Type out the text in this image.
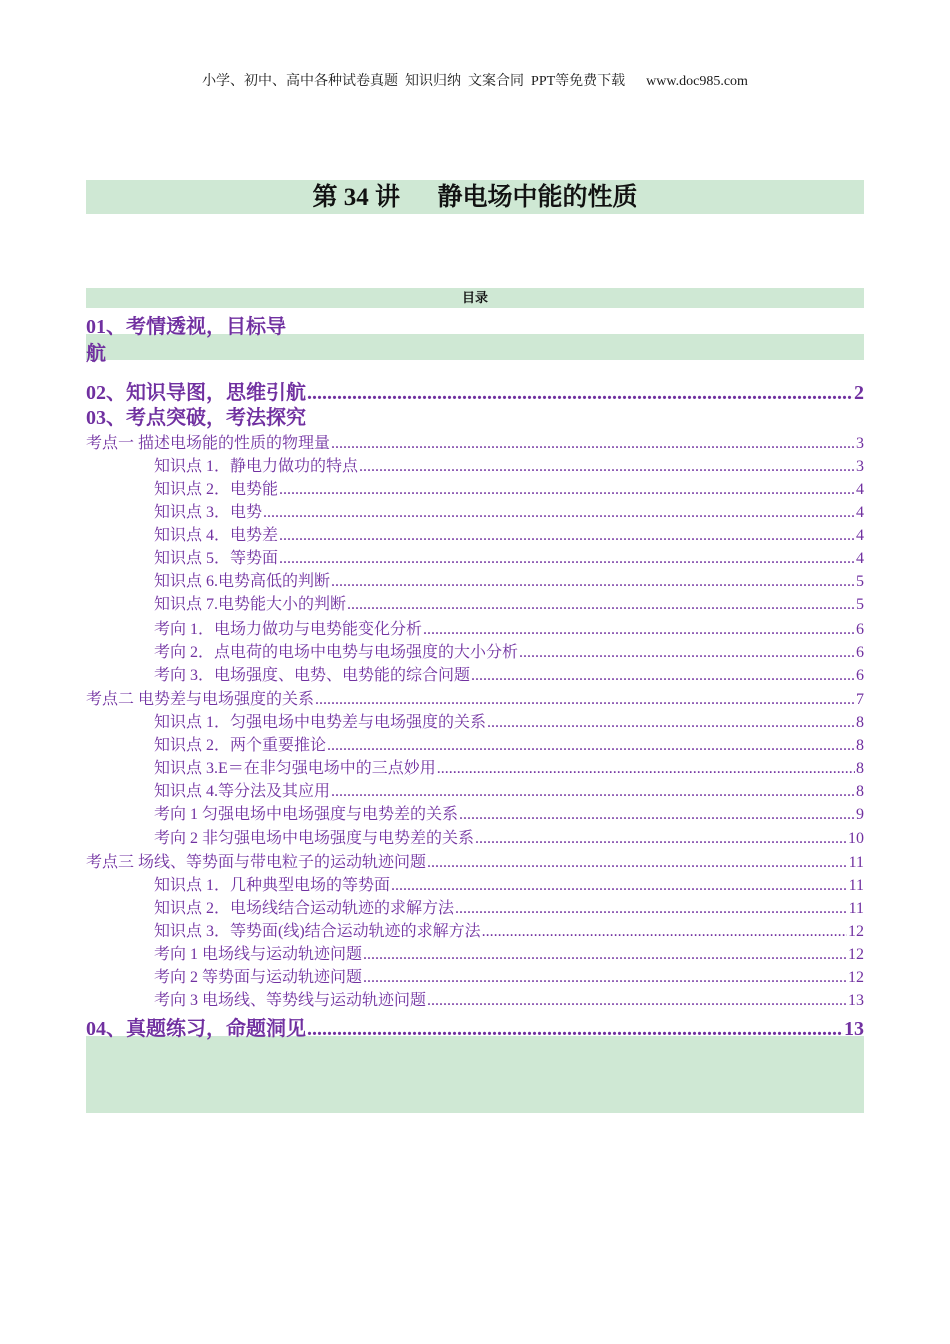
小学、初中、高中各种试卷真题  知识归纳  文案合同  PPT等免费下载      www.doc985.com
第 34 讲      静电场中能的性质
目录
01、考情透视，目标导
航
02、知识导图，思维引航 .....	2
03、考点突破，考法探究
考点一 描述电场能的性质的物理量 .....	3
知识点 1．静电力做功的特点 .....	3
知识点 2．电势能 .....	4
知识点 3．电势 .....	4
知识点 4．电势差 .....	4
知识点 5．等势面 .....	4
知识点 6.电势高低的判断 .....	5
知识点 7.电势能大小的判断 .....	5
考向 1．电场力做功与电势能变化分析 .....	6
考向 2．点电荷的电场中电势与电场强度的大小分析 .....	6
考向 3．电场强度、电势、电势能的综合问题 .....	6
考点二 电势差与电场强度的关系 .....	7
知识点 1．匀强电场中电势差与电场强度的关系 .....	8
知识点 2．两个重要推论 .....	8
知识点 3.E＝在非匀强电场中的三点妙用 .....	8
知识点 4.等分法及其应用 .....	8
考向 1 匀强电场中电场强度与电势差的关系 .....	9
考向 2 非匀强电场中电场强度与电势差的关系 .....	10
考点三 场线、等势面与带电粒子的运动轨迹问题 .....	11
知识点 1．几种典型电场的等势面 .....	11
知识点 2．电场线结合运动轨迹的求解方法 .....	11
知识点 3．等势面(线)结合运动轨迹的求解方法 .....	12
考向 1 电场线与运动轨迹问题 .....	12
考向 2 等势面与运动轨迹问题 .....	12
考向 3 电场线、等势线与运动轨迹问题 .....	13
04、真题练习，命题洞见 .....	13
